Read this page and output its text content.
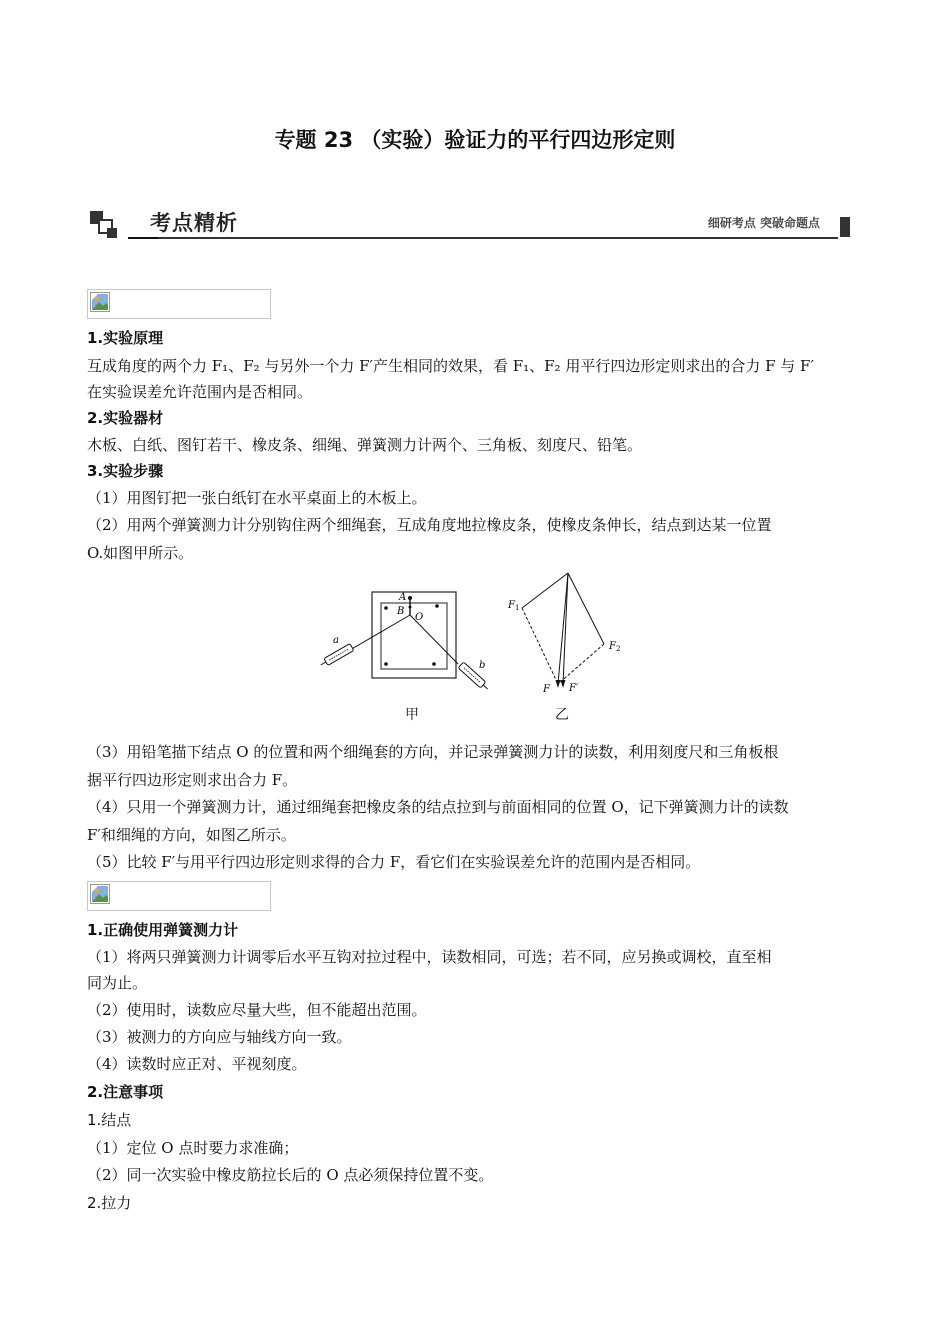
专题 23 （实验）验证力的平行四边形定则
考点精析	细研考点 突破命题点
1.实验原理
互成角度的两个力 F₁、F₂ 与另外一个力 F′产生相同的效果，看 F₁、F₂ 用平行四边形定则求出的合力 F 与 F′
在实验误差允许范围内是否相同。
2.实验器材
木板、白纸、图钉若干、橡皮条、细绳、弹簧测力计两个、三角板、刻度尺、铅笔。
3.实验步骤
（1）用图钉把一张白纸钉在水平桌面上的木板上。
（2）用两个弹簧测力计分别钩住两个细绳套，互成角度地拉橡皮条，使橡皮条伸长，结点到达某一位置
O.如图甲所示。
A
B
O
a
b
$F_1$
$F_2$
F F′
甲	乙
（3）用铅笔描下结点 O 的位置和两个细绳套的方向，并记录弹簧测力计的读数，利用刻度尺和三角板根
据平行四边形定则求出合力 F。
（4）只用一个弹簧测力计，通过细绳套把橡皮条的结点拉到与前面相同的位置 O，记下弹簧测力计的读数
F′和细绳的方向，如图乙所示。
（5）比较 F′与用平行四边形定则求得的合力 F，看它们在实验误差允许的范围内是否相同。
1.正确使用弹簧测力计
（1）将两只弹簧测力计调零后水平互钩对拉过程中，读数相同，可选；若不同，应另换或调校，直至相
同为止。
（2）使用时，读数应尽量大些，但不能超出范围。
（3）被测力的方向应与轴线方向一致。
（4）读数时应正对、平视刻度。
2.注意事项
1.结点
（1）定位 O 点时要力求准确；
（2）同一次实验中橡皮筋拉长后的 O 点必须保持位置不变。
2.拉力
